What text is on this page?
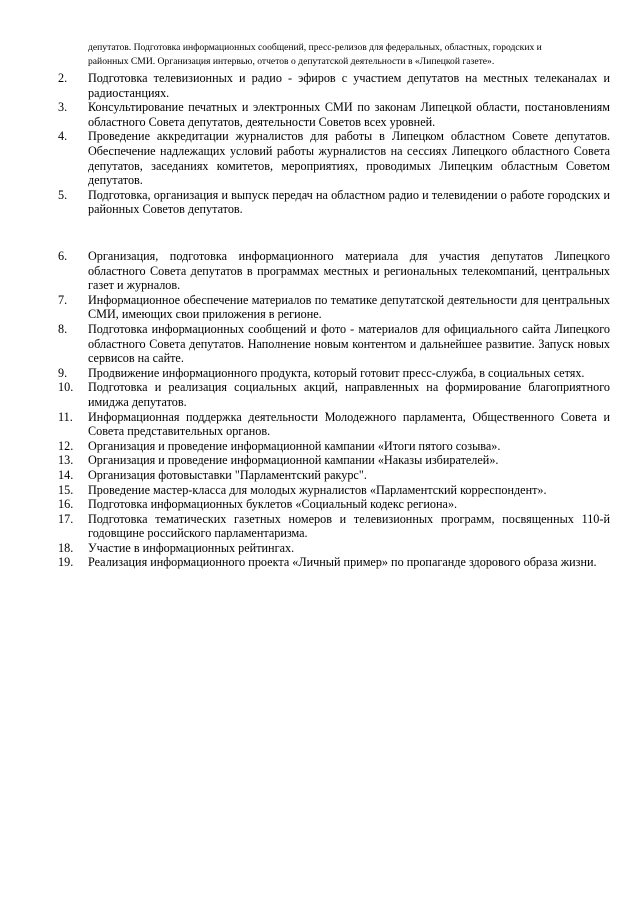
депутатов. Подготовка информационных сообщений, пресс-релизов для федеральных, областных, городских и
районных СМИ. Организация интервью, отчетов о депутатской деятельности в «Липецкой газете».
2.	Подготовка телевизионных и радио - эфиров с участием депутатов на местных телеканалах и радиостанциях.
3.	Консультирование печатных и электронных СМИ по законам Липецкой области, постановлениям областного Совета депутатов, деятельности Советов всех уровней.
4.	Проведение аккредитации журналистов для работы в Липецком областном Совете депутатов. Обеспечение надлежащих условий работы журналистов на сессиях Липецкого областного Совета депутатов, заседаниях комитетов, мероприятиях, проводимых Липецким областным Советом депутатов.
5.	Подготовка, организация и выпуск передач на областном радио и телевидении о работе городских и районных Советов депутатов.
6.	Организация, подготовка информационного материала для участия депутатов Липецкого областного Совета депутатов в программах местных и региональных телекомпаний, центральных газет и журналов.
7.	Информационное обеспечение материалов по тематике депутатской деятельности для центральных СМИ, имеющих свои приложения в регионе.
8.	Подготовка информационных сообщений и фото - материалов для официального сайта Липецкого областного Совета депутатов. Наполнение новым контентом и дальнейшее развитие. Запуск новых сервисов на сайте.
9.	Продвижение информационного продукта, который готовит пресс-служба, в социальных сетях.
10.	Подготовка и реализация социальных акций, направленных на формирование благоприятного имиджа депутатов.
11.	Информационная поддержка деятельности Молодежного парламента, Общественного Совета и Совета представительных органов.
12.	Организация и проведение информационной кампании «Итоги пятого созыва».
13.	Организация и проведение информационной кампании «Наказы избирателей».
14.	Организация фотовыставки "Парламентский ракурс".
15.	Проведение мастер-класса для молодых журналистов «Парламентский корреспондент».
16.	Подготовка информационных буклетов «Социальный кодекс региона».
17.	Подготовка тематических газетных номеров и телевизионных программ, посвященных 110-й годовщине российского парламентаризма.
18.	Участие в информационных рейтингах.
19.	Реализация информационного проекта «Личный пример» по пропаганде здорового образа жизни.
